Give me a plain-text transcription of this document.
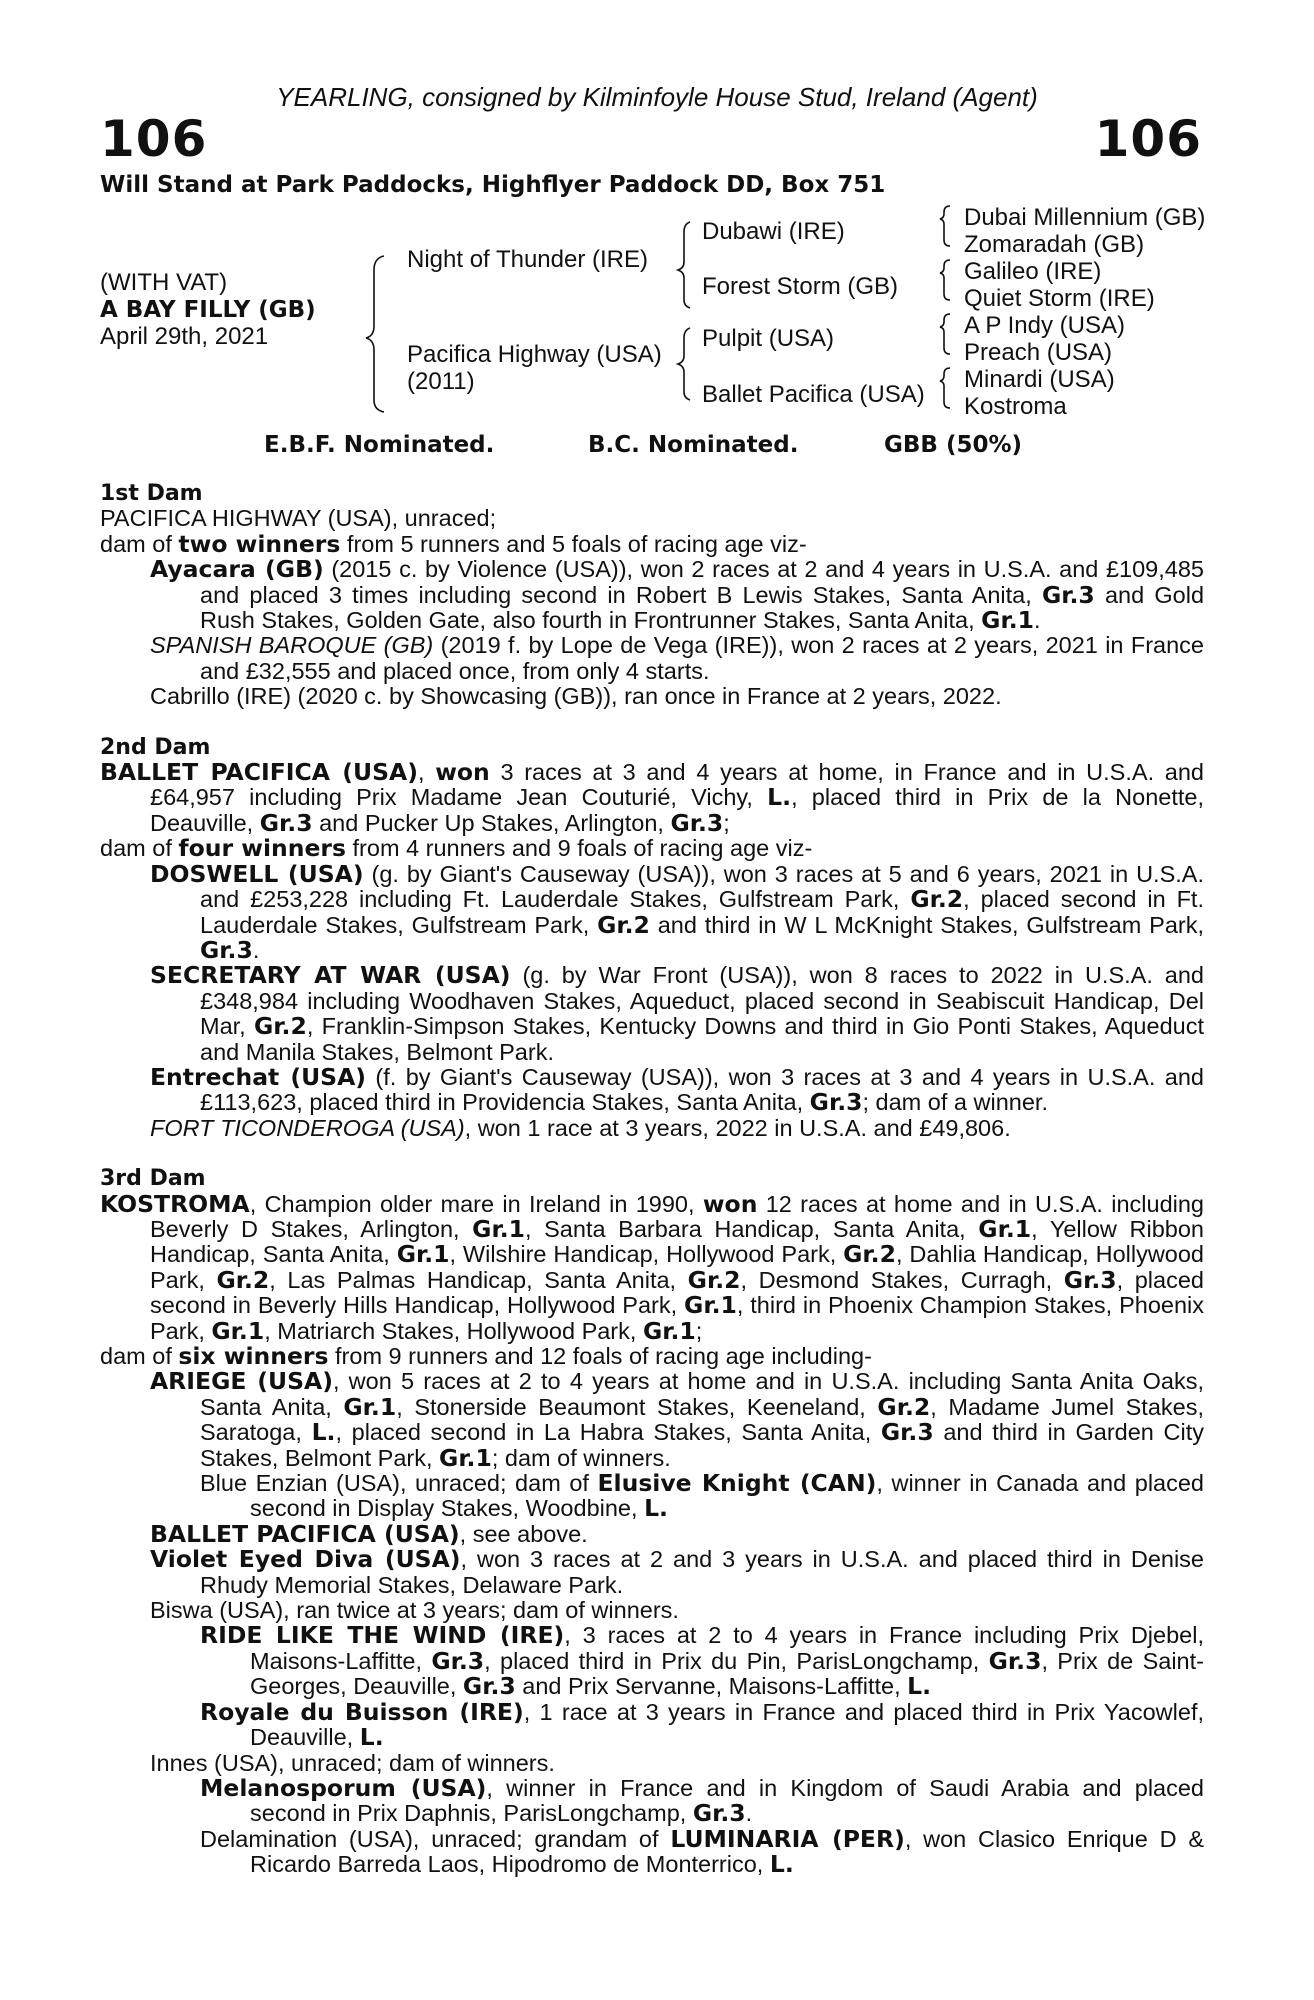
YEARLING, consigned by Kilminfoyle House Stud, Ireland (Agent)
106	106
Will Stand at Park Paddocks, Highflyer Paddock DD, Box 751
(WITH VAT)
A BAY FILLY (GB)
April 29th, 2021
Night of Thunder (IRE)
Pacifica Highway (USA)
(2011)
Dubawi (IRE)
Forest Storm (GB)
Pulpit (USA)
Ballet Pacifica (USA)
Dubai Millennium (GB)
Zomaradah (GB)
Galileo (IRE)
Quiet Storm (IRE)
A P Indy (USA)
Preach (USA)
Minardi (USA)
Kostroma
E.B.F. Nominated.	B.C. Nominated.	GBB (50%)
1st Dam
PACIFICA HIGHWAY (USA), unraced;
dam of two winners from 5 runners and 5 foals of racing age viz-
Ayacara (GB) (2015 c. by Violence (USA)), won 2 races at 2 and 4 years in U.S.A. and £109,485 and placed 3 times including second in Robert B Lewis Stakes, Santa Anita, Gr.3 and Gold Rush Stakes, Golden Gate, also fourth in Frontrunner Stakes, Santa Anita, Gr.1.
SPANISH BAROQUE (GB) (2019 f. by Lope de Vega (IRE)), won 2 races at 2 years, 2021 in France and £32,555 and placed once, from only 4 starts.
Cabrillo (IRE) (2020 c. by Showcasing (GB)), ran once in France at 2 years, 2022.
2nd Dam
BALLET PACIFICA (USA), won 3 races at 3 and 4 years at home, in France and in U.S.A. and £64,957 including Prix Madame Jean Couturié, Vichy, L., placed third in Prix de la Nonette, Deauville, Gr.3 and Pucker Up Stakes, Arlington, Gr.3;
dam of four winners from 4 runners and 9 foals of racing age viz-
DOSWELL (USA) (g. by Giant's Causeway (USA)), won 3 races at 5 and 6 years, 2021 in U.S.A. and £253,228 including Ft. Lauderdale Stakes, Gulfstream Park, Gr.2, placed second in Ft. Lauderdale Stakes, Gulfstream Park, Gr.2 and third in W L McKnight Stakes, Gulfstream Park, Gr.3.
SECRETARY AT WAR (USA) (g. by War Front (USA)), won 8 races to 2022 in U.S.A. and £348,984 including Woodhaven Stakes, Aqueduct, placed second in Seabiscuit Handicap, Del Mar, Gr.2, Franklin-Simpson Stakes, Kentucky Downs and third in Gio Ponti Stakes, Aqueduct and Manila Stakes, Belmont Park.
Entrechat (USA) (f. by Giant's Causeway (USA)), won 3 races at 3 and 4 years in U.S.A. and £113,623, placed third in Providencia Stakes, Santa Anita, Gr.3; dam of a winner.
FORT TICONDEROGA (USA), won 1 race at 3 years, 2022 in U.S.A. and £49,806.
3rd Dam
KOSTROMA, Champion older mare in Ireland in 1990, won 12 races at home and in U.S.A. including Beverly D Stakes, Arlington, Gr.1, Santa Barbara Handicap, Santa Anita, Gr.1, Yellow Ribbon Handicap, Santa Anita, Gr.1, Wilshire Handicap, Hollywood Park, Gr.2, Dahlia Handicap, Hollywood Park, Gr.2, Las Palmas Handicap, Santa Anita, Gr.2, Desmond Stakes, Curragh, Gr.3, placed second in Beverly Hills Handicap, Hollywood Park, Gr.1, third in Phoenix Champion Stakes, Phoenix Park, Gr.1, Matriarch Stakes, Hollywood Park, Gr.1;
dam of six winners from 9 runners and 12 foals of racing age including-
ARIEGE (USA), won 5 races at 2 to 4 years at home and in U.S.A. including Santa Anita Oaks, Santa Anita, Gr.1, Stonerside Beaumont Stakes, Keeneland, Gr.2, Madame Jumel Stakes, Saratoga, L., placed second in La Habra Stakes, Santa Anita, Gr.3 and third in Garden City Stakes, Belmont Park, Gr.1; dam of winners.
Blue Enzian (USA), unraced; dam of Elusive Knight (CAN), winner in Canada and placed second in Display Stakes, Woodbine, L.
BALLET PACIFICA (USA), see above.
Violet Eyed Diva (USA), won 3 races at 2 and 3 years in U.S.A. and placed third in Denise Rhudy Memorial Stakes, Delaware Park.
Biswa (USA), ran twice at 3 years; dam of winners.
RIDE LIKE THE WIND (IRE), 3 races at 2 to 4 years in France including Prix Djebel, Maisons-Laffitte, Gr.3, placed third in Prix du Pin, ParisLongchamp, Gr.3, Prix de Saint-Georges, Deauville, Gr.3 and Prix Servanne, Maisons-Laffitte, L.
Royale du Buisson (IRE), 1 race at 3 years in France and placed third in Prix Yacowlef, Deauville, L.
Innes (USA), unraced; dam of winners.
Melanosporum (USA), winner in France and in Kingdom of Saudi Arabia and placed second in Prix Daphnis, ParisLongchamp, Gr.3.
Delamination (USA), unraced; grandam of LUMINARIA (PER), won Clasico Enrique D & Ricardo Barreda Laos, Hipodromo de Monterrico, L.
